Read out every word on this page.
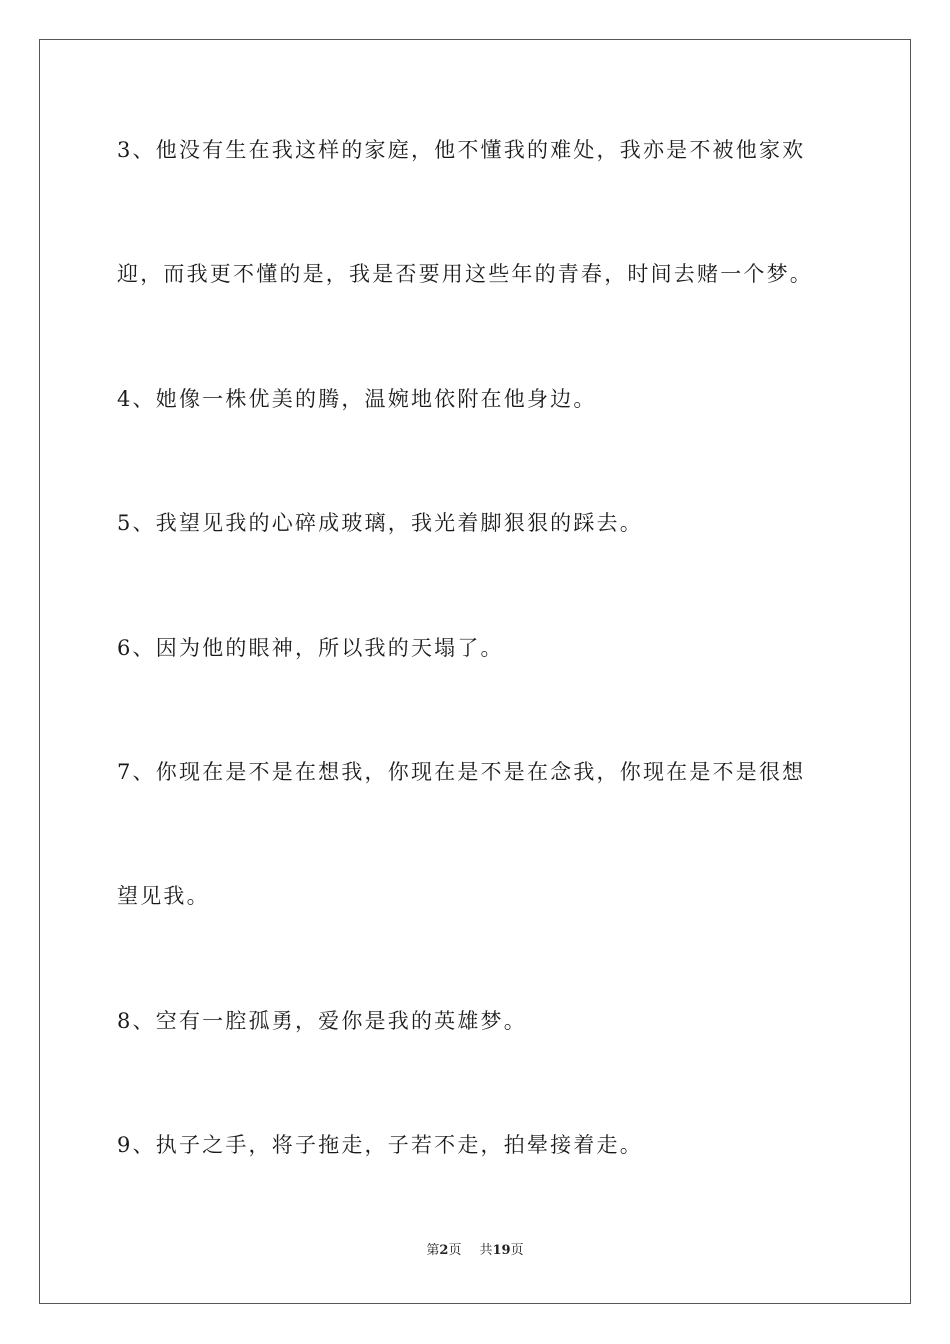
3、他没有生在我这样的家庭，他不懂我的难处，我亦是不被他家欢
迎，而我更不懂的是，我是否要用这些年的青春，时间去赌一个梦。
4、她像一株优美的腾，温婉地依附在他身边。
5、我望见我的心碎成玻璃，我光着脚狠狠的踩去。
6、因为他的眼神，所以我的天塌了。
7、你现在是不是在想我，你现在是不是在念我，你现在是不是很想
望见我。
8、空有一腔孤勇，爱你是我的英雄梦。
9、执子之手，将子拖走，子若不走，拍晕接着走。
第2页 共19页
